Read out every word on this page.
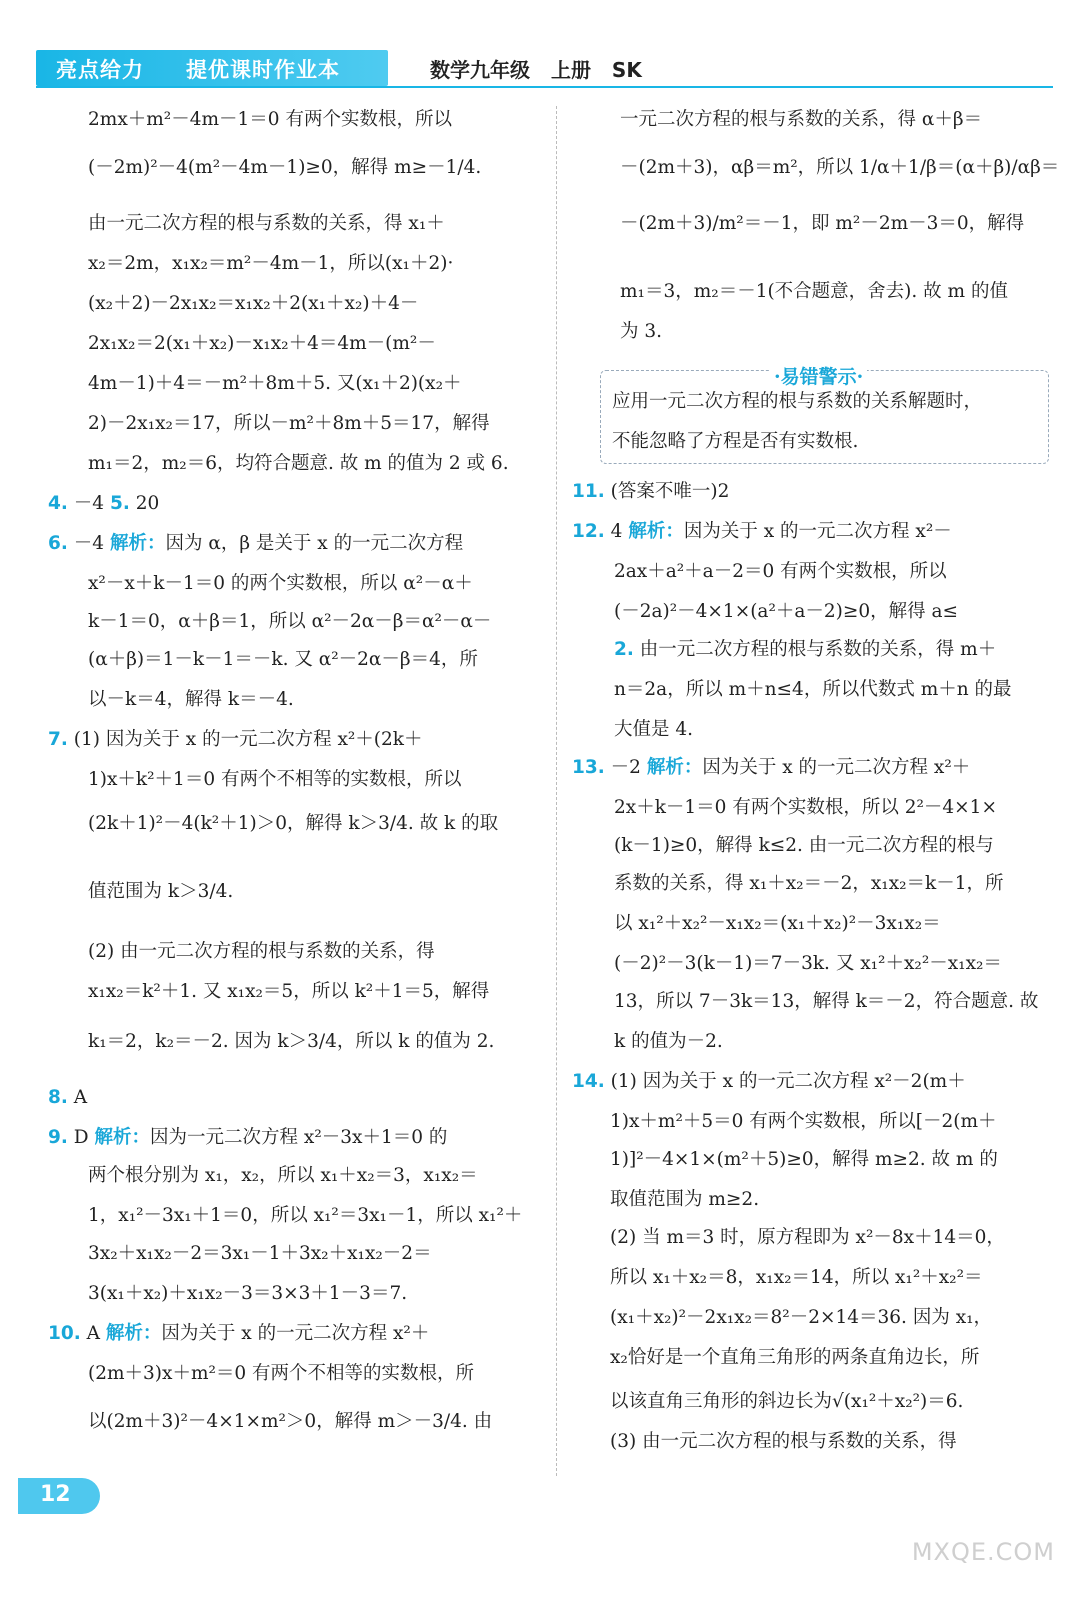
亮点给力 提优课时作业本	数学九年级 上册 SK
2mx＋m²－4m－1＝0 有两个实数根，所以
(－2m)²－4(m²－4m－1)≥0，解得 m≥－1/4.
由一元二次方程的根与系数的关系，得 x₁＋
x₂＝2m，x₁x₂＝m²－4m－1，所以(x₁＋2)·
(x₂＋2)－2x₁x₂＝x₁x₂＋2(x₁＋x₂)＋4－
2x₁x₂＝2(x₁＋x₂)－x₁x₂＋4＝4m－(m²－
4m－1)＋4＝－m²＋8m＋5. 又(x₁＋2)(x₂＋
2)－2x₁x₂＝17，所以－m²＋8m＋5＝17，解得
m₁＝2，m₂＝6，均符合题意. 故 m 的值为 2 或 6.
4. －4 5. 20
6. －4 解析：因为 α，β 是关于 x 的一元二次方程
x²－x＋k－1＝0 的两个实数根，所以 α²－α＋
k－1＝0，α＋β＝1，所以 α²－2α－β＝α²－α－
(α＋β)＝1－k－1＝－k. 又 α²－2α－β＝4，所
以－k＝4，解得 k＝－4.
7. (1) 因为关于 x 的一元二次方程 x²＋(2k＋
1)x＋k²＋1＝0 有两个不相等的实数根，所以
(2k＋1)²－4(k²＋1)＞0，解得 k＞3/4. 故 k 的取
值范围为 k＞3/4.
(2) 由一元二次方程的根与系数的关系，得
x₁x₂＝k²＋1. 又 x₁x₂＝5，所以 k²＋1＝5，解得
k₁＝2，k₂＝－2. 因为 k＞3/4，所以 k 的值为 2.
8. A
9. D 解析：因为一元二次方程 x²－3x＋1＝0 的
两个根分别为 x₁，x₂，所以 x₁＋x₂＝3，x₁x₂＝
1，x₁²－3x₁＋1＝0，所以 x₁²＝3x₁－1，所以 x₁²＋
3x₂＋x₁x₂－2＝3x₁－1＋3x₂＋x₁x₂－2＝
3(x₁＋x₂)＋x₁x₂－3＝3×3＋1－3＝7.
10. A 解析：因为关于 x 的一元二次方程 x²＋
(2m＋3)x＋m²＝0 有两个不相等的实数根，所
以(2m＋3)²－4×1×m²＞0，解得 m＞－3/4. 由
一元二次方程的根与系数的关系，得 α＋β＝
－(2m＋3)，αβ＝m²，所以 1/α＋1/β＝(α＋β)/αβ＝
－(2m＋3)/m²＝－1，即 m²－2m－3＝0，解得
m₁＝3，m₂＝－1(不合题意，舍去). 故 m 的值
为 3.
应用一元二次方程的根与系数的关系解题时，
不能忽略了方程是否有实数根.
11. (答案不唯一)2
12. 4 解析：因为关于 x 的一元二次方程 x²－
2ax＋a²＋a－2＝0 有两个实数根，所以
(－2a)²－4×1×(a²＋a－2)≥0，解得 a≤
2. 由一元二次方程的根与系数的关系，得 m＋
n＝2a，所以 m＋n≤4，所以代数式 m＋n 的最
大值是 4.
13. －2 解析：因为关于 x 的一元二次方程 x²＋
2x＋k－1＝0 有两个实数根，所以 2²－4×1×
(k－1)≥0，解得 k≤2. 由一元二次方程的根与
系数的关系，得 x₁＋x₂＝－2，x₁x₂＝k－1，所
以 x₁²＋x₂²－x₁x₂＝(x₁＋x₂)²－3x₁x₂＝
(－2)²－3(k－1)＝7－3k. 又 x₁²＋x₂²－x₁x₂＝
13，所以 7－3k＝13，解得 k＝－2，符合题意. 故
k 的值为－2.
14. (1) 因为关于 x 的一元二次方程 x²－2(m＋
1)x＋m²＋5＝0 有两个实数根，所以[－2(m＋
1)]²－4×1×(m²＋5)≥0，解得 m≥2. 故 m 的
取值范围为 m≥2.
(2) 当 m＝3 时，原方程即为 x²－8x＋14＝0，
所以 x₁＋x₂＝8，x₁x₂＝14，所以 x₁²＋x₂²＝
(x₁＋x₂)²－2x₁x₂＝8²－2×14＝36. 因为 x₁，
x₂恰好是一个直角三角形的两条直角边长，所
以该直角三角形的斜边长为√(x₁²＋x₂²)＝6.
(3) 由一元二次方程的根与系数的关系，得
·易错警示·
12
MXQE.COM
